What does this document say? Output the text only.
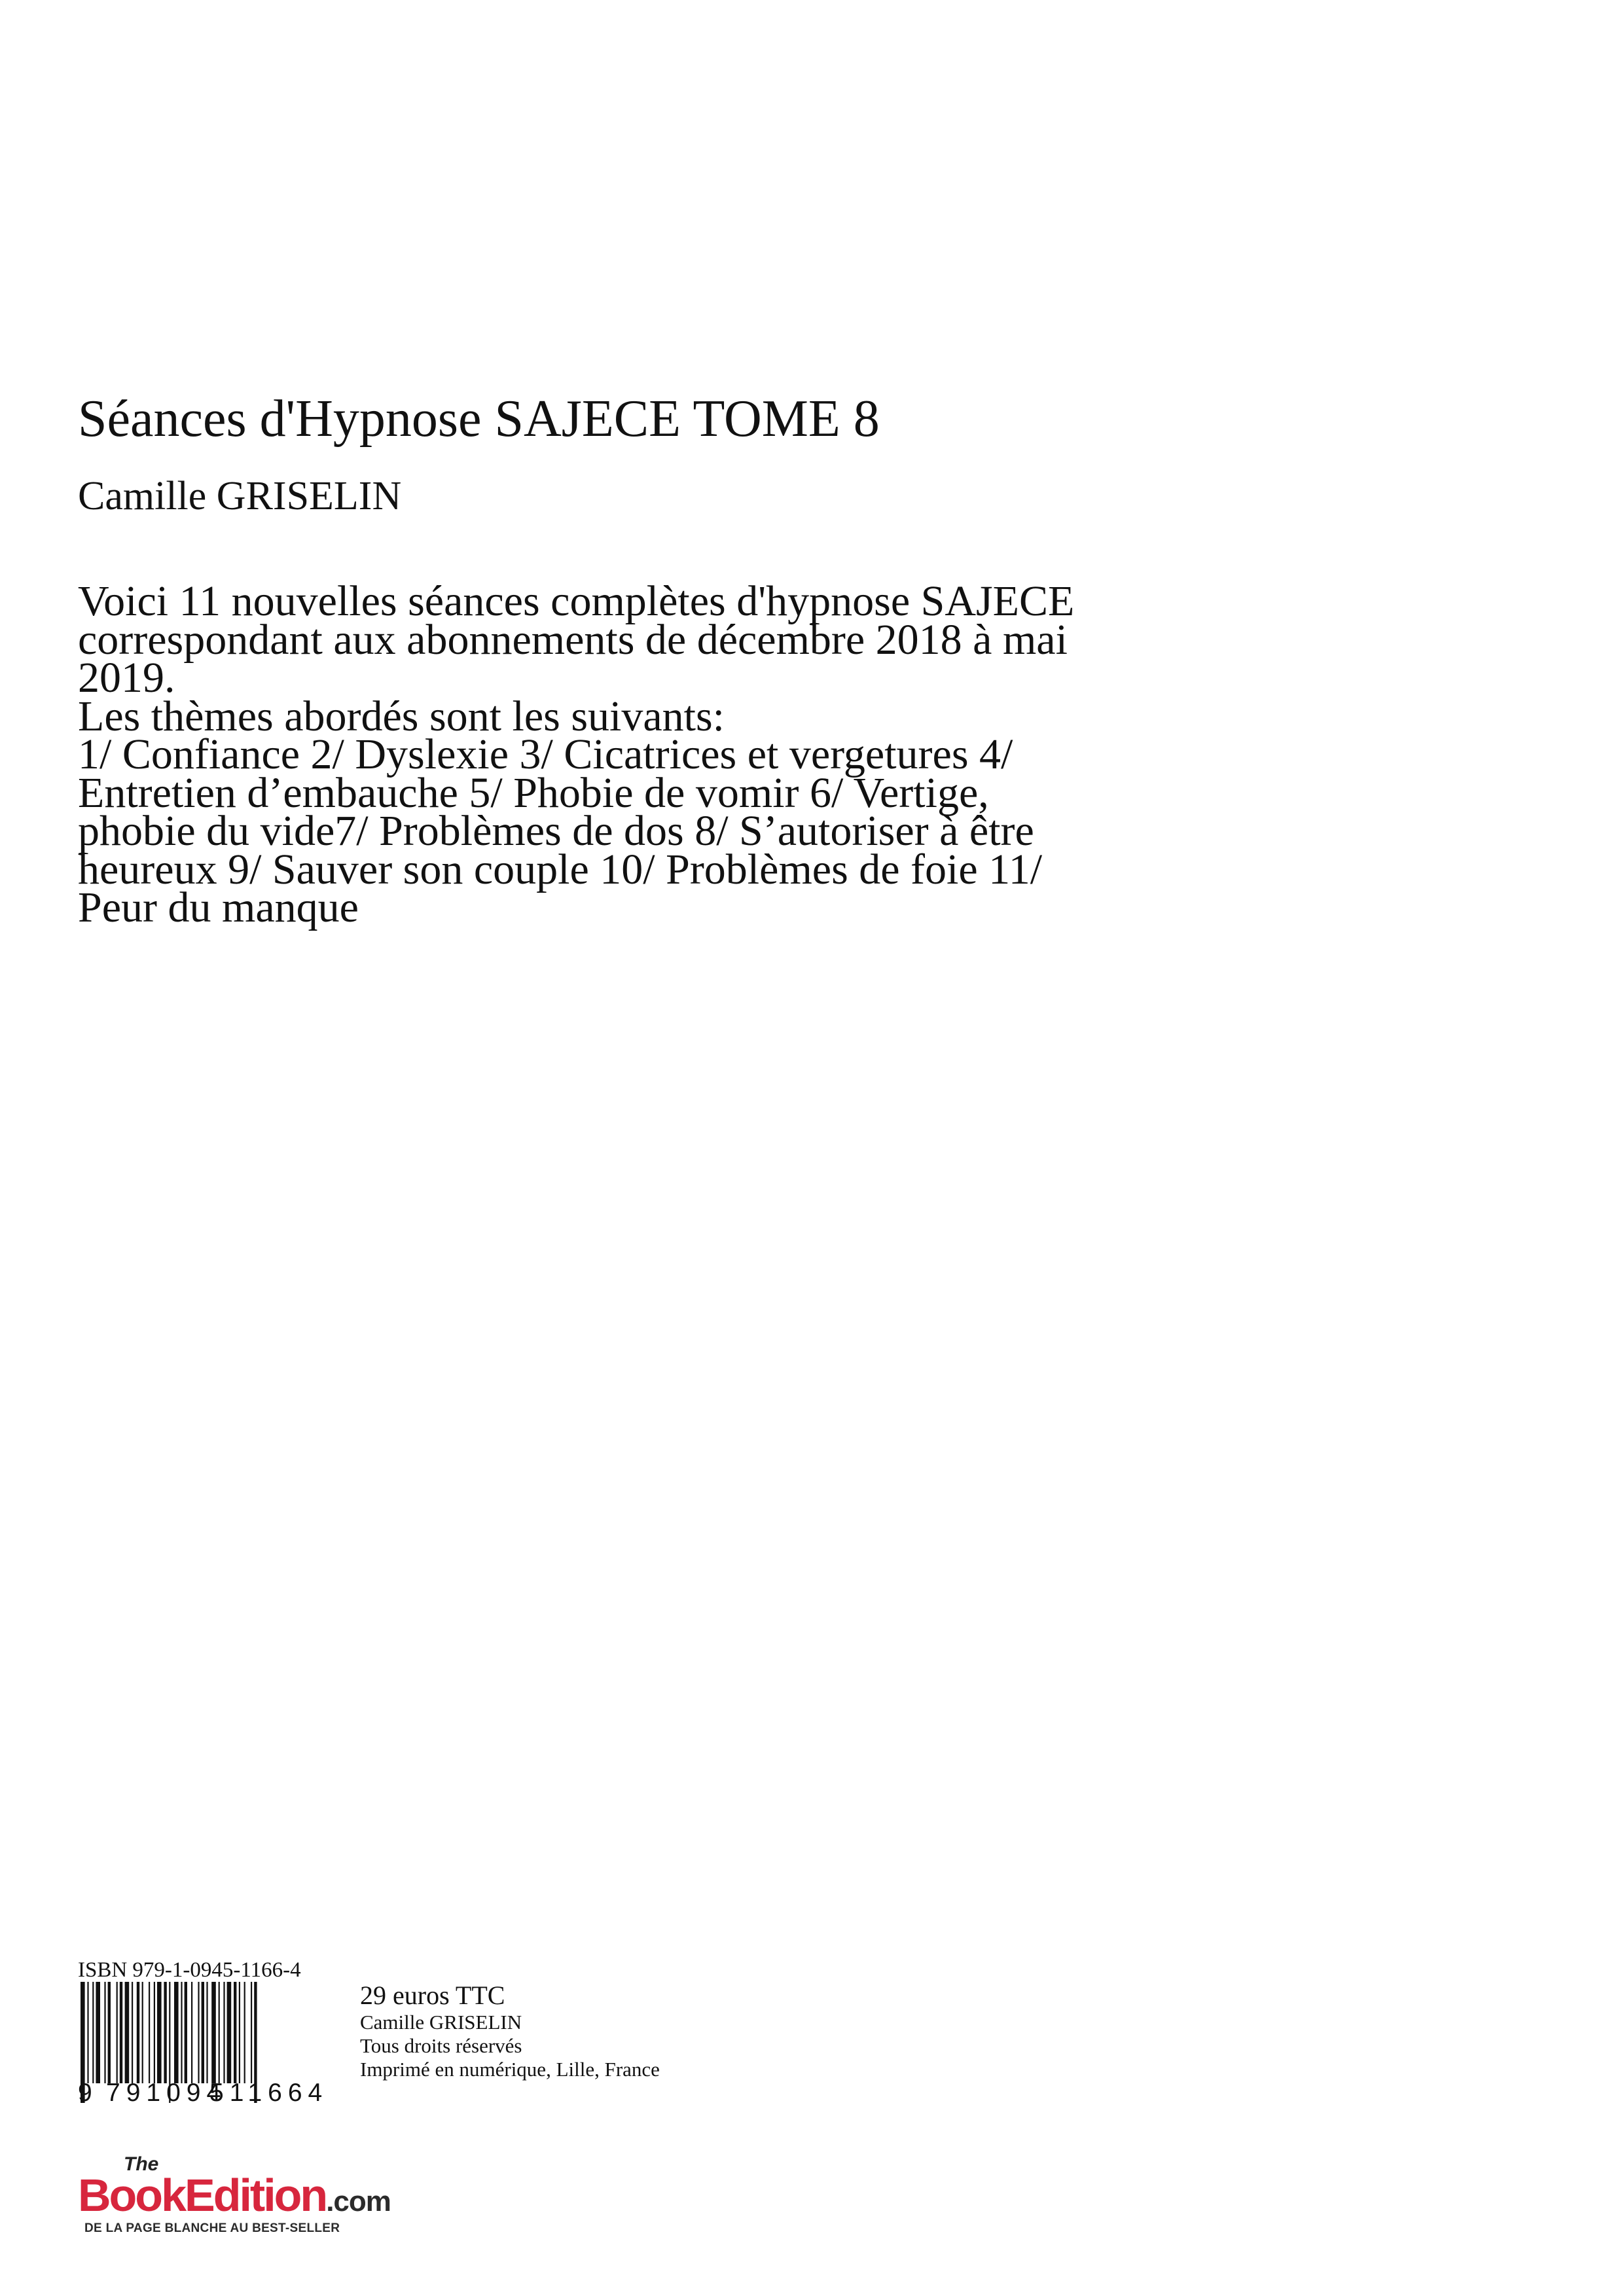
Séances d'Hypnose SAJECE TOME 8
Camille GRISELIN

Voici 11 nouvelles séances complètes d'hypnose SAJECE

correspondant aux abonnements de décembre 2018 à mai

2019.

Les thèmes abordés sont les suivants:

1/ Confiance 2/ Dyslexie 3/ Cicatrices et vergetures 4/

Entretien d’embauche 5/ Phobie de vomir 6/ Vertige,

phobie du vide7/ Problèmes de dos 8/ S’autoriser à être

heureux 9/ Sauver son couple 10/ Problèmes de foie 11/

Peur du manque

ISBN 979-1-0945-1166-4
9 791094
511664
29 euros TTC
Camille GRISELIN
Tous droits réservés
Imprimé en numérique, Lille, France
The
BookEdition.com
DE LA PAGE BLANCHE AU BEST-SELLER
